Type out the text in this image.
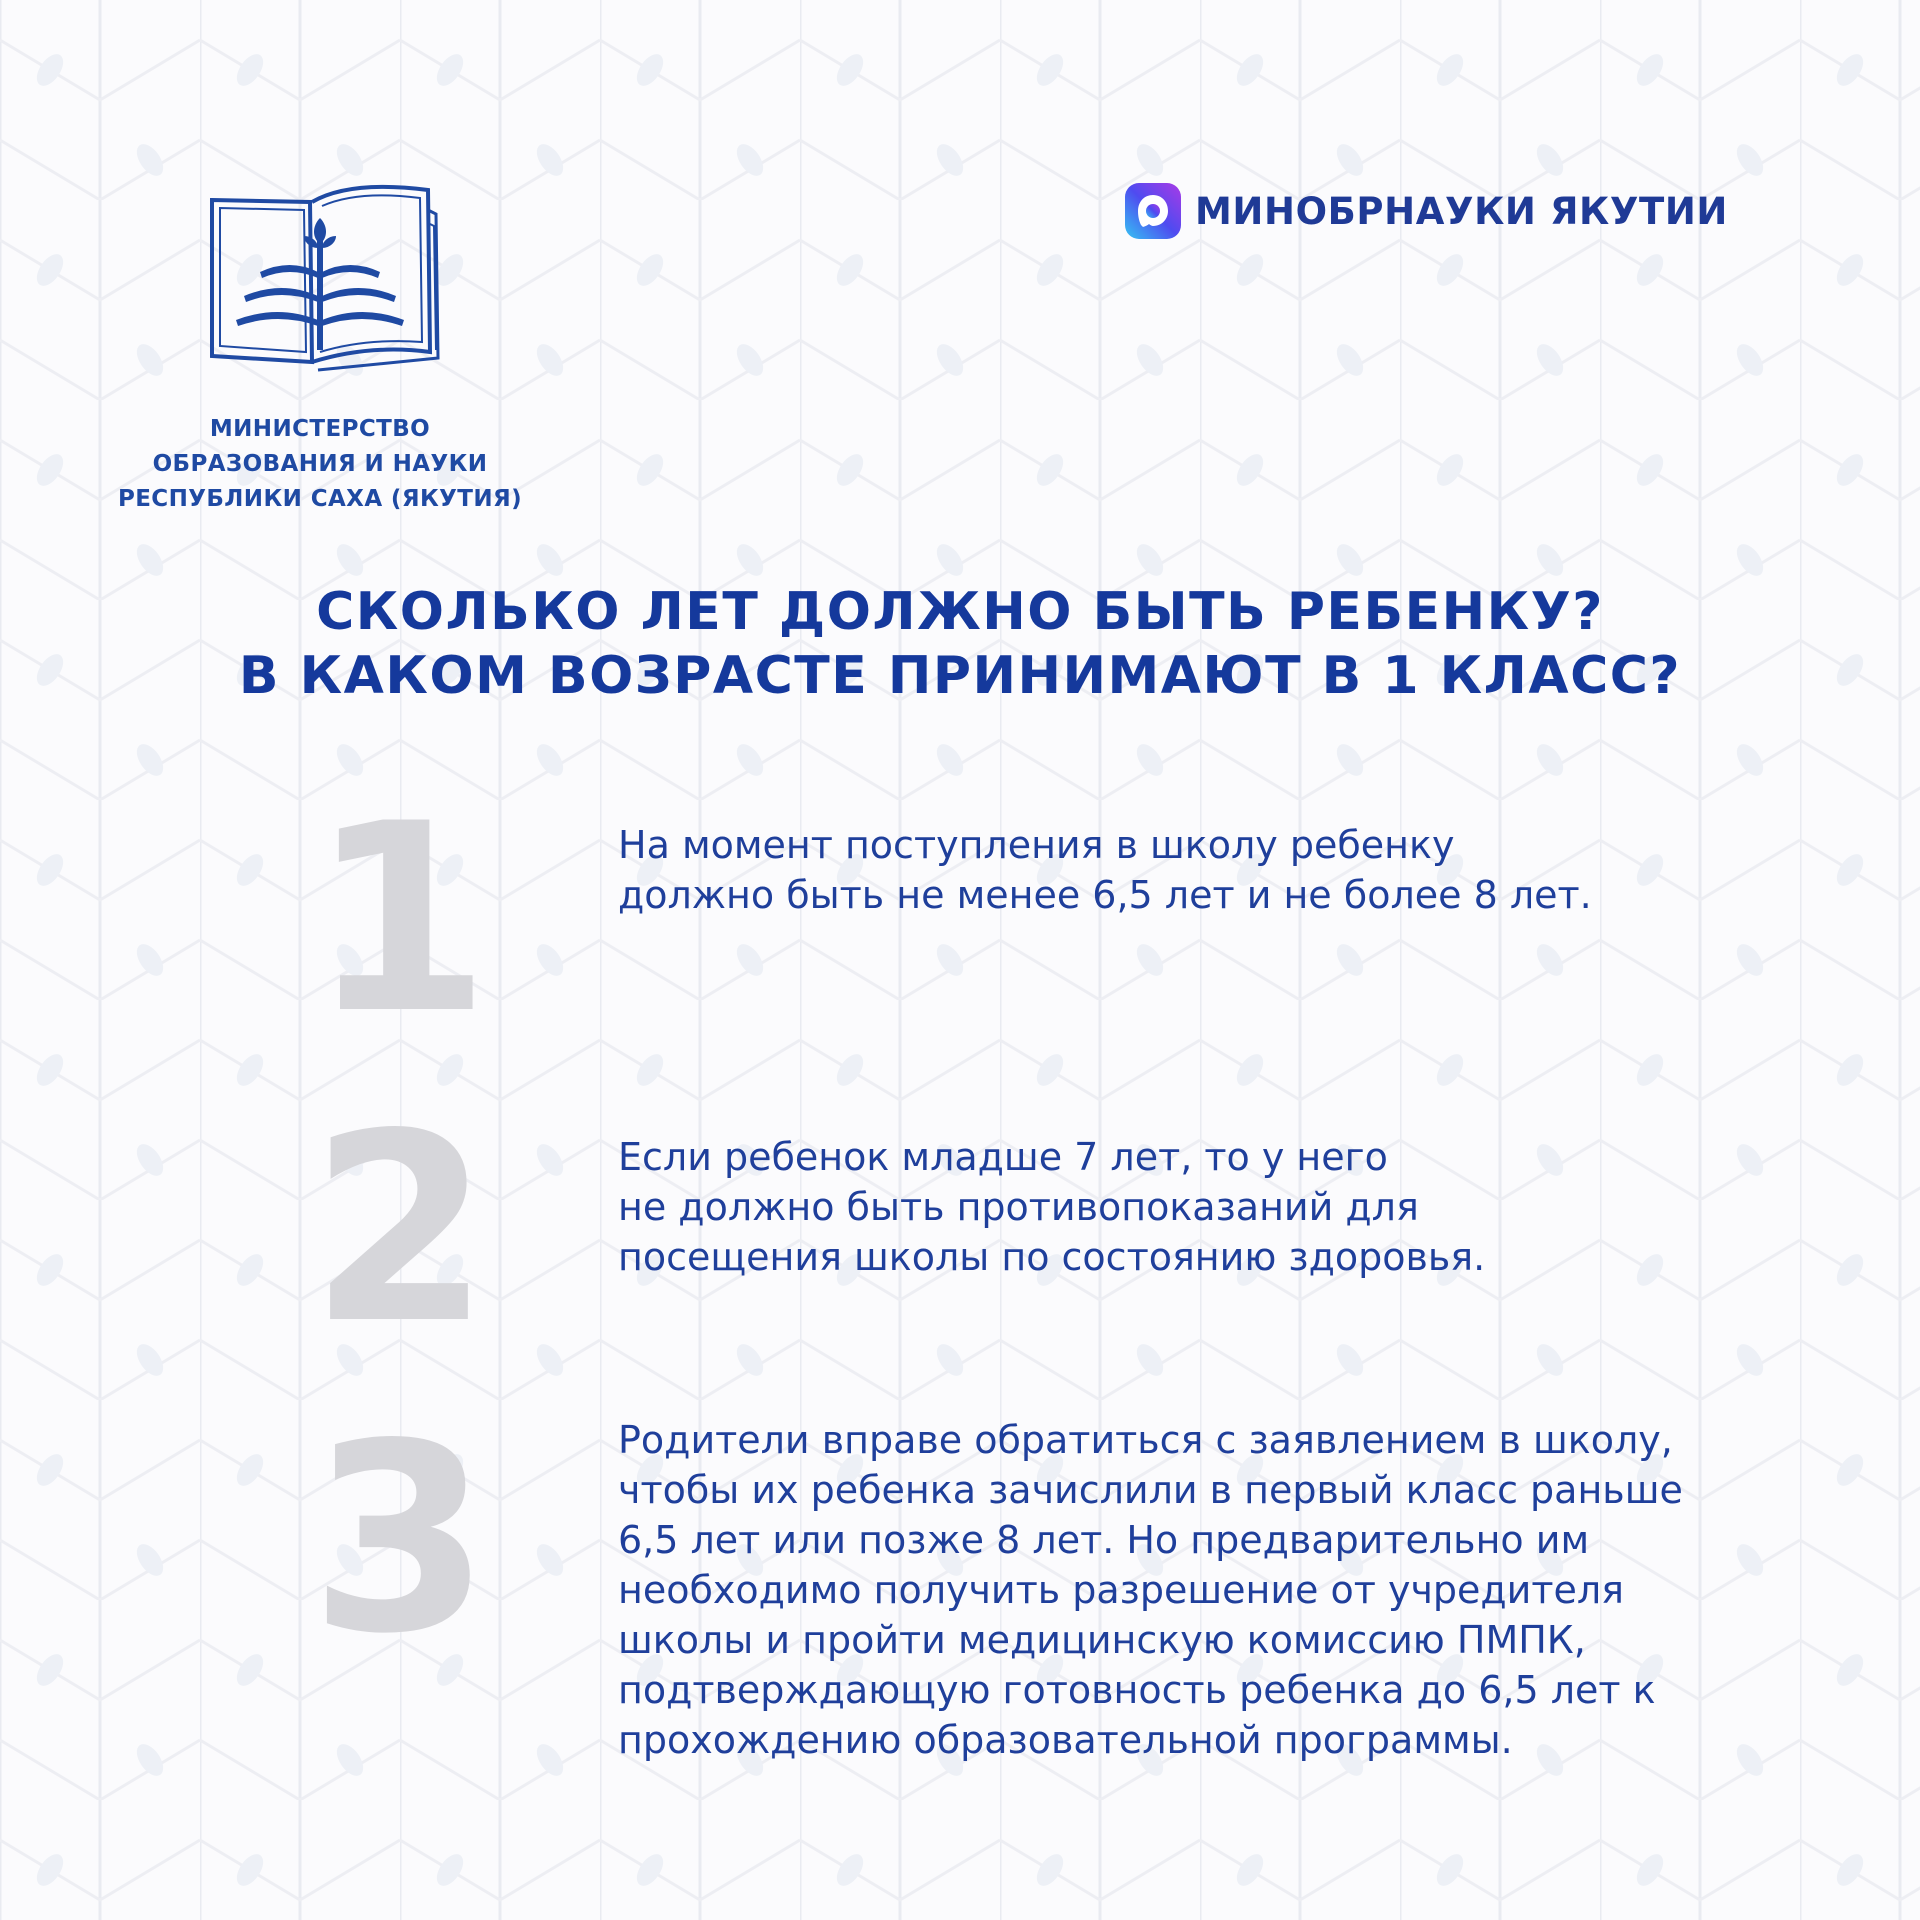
МИНИСТЕРСТВО
ОБРАЗОВАНИЯ И НАУКИ
РЕСПУБЛИКИ САХА (ЯКУТИЯ)
МИНОБРНАУКИ ЯКУТИИ
СКОЛЬКО ЛЕТ ДОЛЖНО БЫТЬ РЕБЕНКУ?
В КАКОМ ВОЗРАСТЕ ПРИНИМАЮТ В 1 КЛАСС?
1	На момент поступления в школу ребенку
должно быть не менее 6,5 лет и не более 8 лет.
2	Если ребенок младше 7 лет, то у него
не должно быть противопоказаний для
посещения школы по состоянию здоровья.
3	Родители вправе обратиться с заявлением в школу,
чтобы их ребенка зачислили в первый класс раньше
6,5 лет или позже 8 лет. Но предварительно им
необходимо получить разрешение от учредителя
школы и пройти медицинскую комиссию ПМПК,
подтверждающую готовность ребенка до 6,5 лет к
прохождению образовательной программы.
